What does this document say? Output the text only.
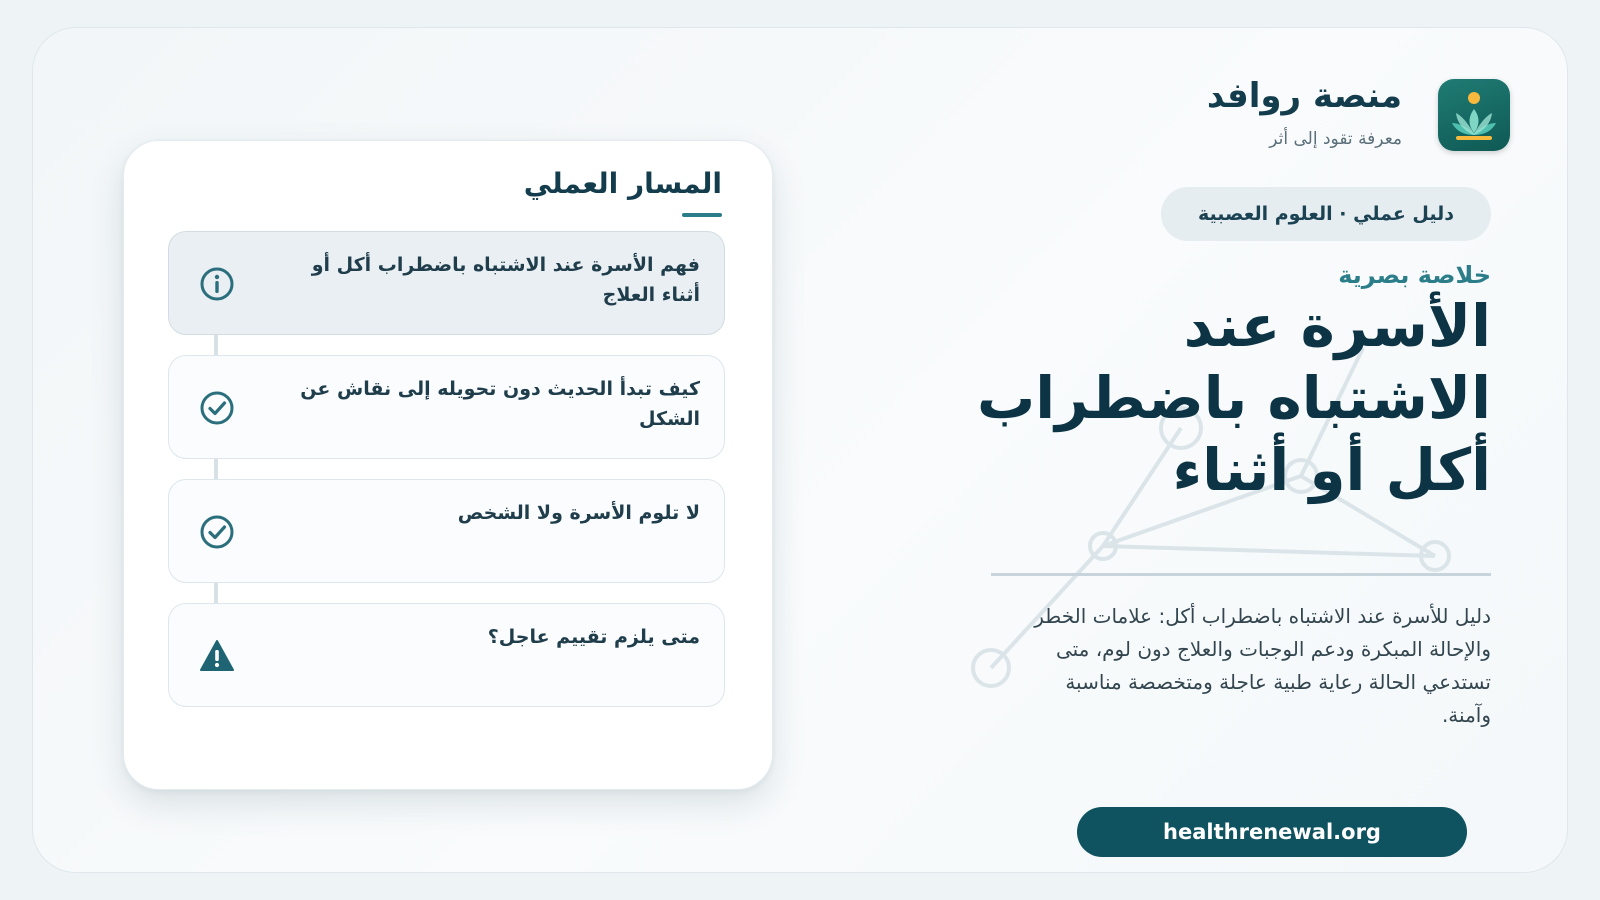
منصة روافد
معرفة تقود إلى أثر
دليل عملي · العلوم العصبية
خلاصة بصرية
الأسرة عند الاشتباه باضطراب أكل أو أثناء
دليل للأسرة عند الاشتباه باضطراب أكل: علامات الخطر والإحالة المبكرة ودعم الوجبات والعلاج دون لوم، متى تستدعي الحالة رعاية طبية عاجلة ومتخصصة مناسبة وآمنة.
healthrenewal.org
المسار العملي
فهم الأسرة عند الاشتباه باضطراب أكل أو أثناء العلاج
كيف تبدأ الحديث دون تحويله إلى نقاش عن الشكل
لا تلوم الأسرة ولا الشخص
متى يلزم تقييم عاجل؟
